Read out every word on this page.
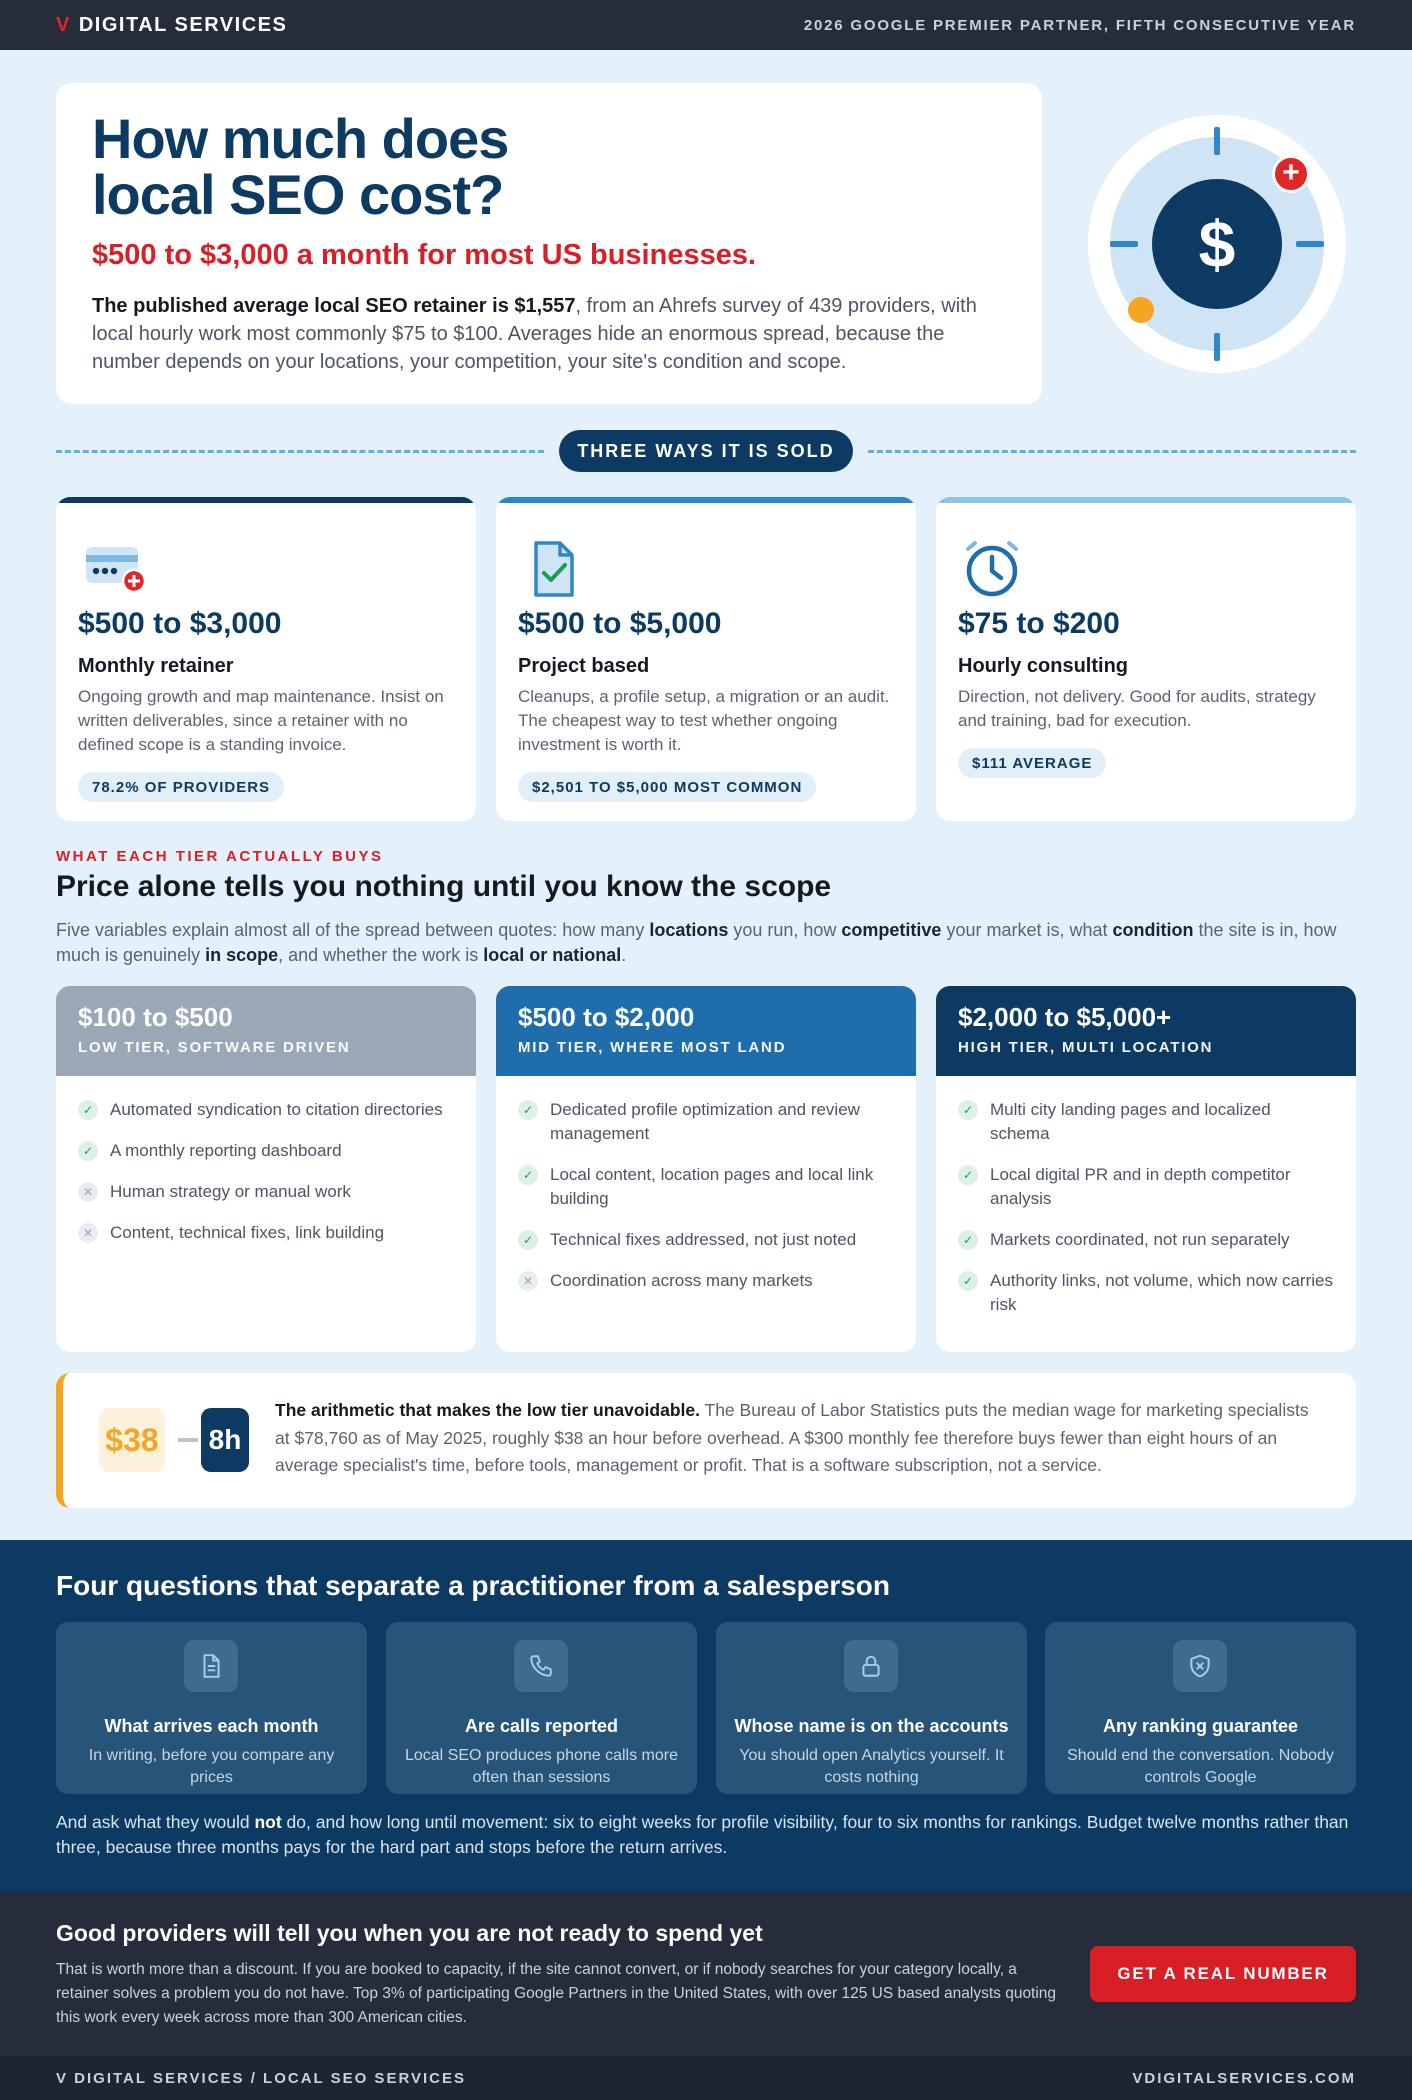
V DIGITAL SERVICES	2026 GOOGLE PREMIER PARTNER, FIFTH CONSECUTIVE YEAR
How much does
local SEO cost?
$500 to $3,000 a month for most US businesses.

The published average local SEO retainer is $1,557, from an Ahrefs survey of 439 providers, with local hourly work most commonly $75 to $100. Averages hide an enormous spread, because the number depends on your locations, your competition, your site's condition and scope.

$
+
THREE WAYS IT IS SOLD
$500 to $3,000
Monthly retainer
Ongoing growth and map maintenance. Insist on written deliverables, since a retainer with no defined scope is a standing invoice.
78.2% OF PROVIDERS
$500 to $5,000
Project based
Cleanups, a profile setup, a migration or an audit. The cheapest way to test whether ongoing investment is worth it.
$2,501 TO $5,000 MOST COMMON
$75 to $200
Hourly consulting
Direction, not delivery. Good for audits, strategy and training, bad for execution.
$111 AVERAGE
WHAT EACH TIER ACTUALLY BUYS
Price alone tells you nothing until you know the scope
Five variables explain almost all of the spread between quotes: how many locations you run, how competitive your market is, what condition the site is in, how much is genuinely in scope, and whether the work is local or national.
$100 to $500
LOW TIER, SOFTWARE DRIVEN
✓ Automated syndication to citation directories
✓ A monthly reporting dashboard
✕ Human strategy or manual work
✕ Content, technical fixes, link building
$500 to $2,000
MID TIER, WHERE MOST LAND
✓ Dedicated profile optimization and review management
✓ Local content, location pages and local link building
✓ Technical fixes addressed, not just noted
✕ Coordination across many markets
$2,000 to $5,000+
HIGH TIER, MULTI LOCATION
✓ Multi city landing pages and localized schema
✓ Local digital PR and in depth competitor analysis
✓ Markets coordinated, not run separately
✓ Authority links, not volume, which now carries risk
$38 8h

The arithmetic that makes the low tier unavoidable. The Bureau of Labor Statistics puts the median wage for marketing specialists at $78,760 as of May 2025, roughly $38 an hour before overhead. A $300 monthly fee therefore buys fewer than eight hours of an average specialist's time, before tools, management or profit. That is a software subscription, not a service.

Four questions that separate a practitioner from a salesperson
What arrives each month
In writing, before you compare any prices
Are calls reported
Local SEO produces phone calls more often than sessions
Whose name is on the accounts
You should open Analytics yourself. It costs nothing
Any ranking guarantee
Should end the conversation. Nobody controls Google
And ask what they would not do, and how long until movement: six to eight weeks for profile visibility, four to six months for rankings. Budget twelve months rather than three, because three months pays for the hard part and stops before the return arrives.
Good providers will tell you when you are not ready to spend yet

That is worth more than a discount. If you are booked to capacity, if the site cannot convert, or if nobody searches for your category locally, a retainer solves a problem you do not have. Top 3% of participating Google Partners in the United States, with over 125 US based analysts quoting this work every week across more than 300 American cities.

GET A REAL NUMBER
V DIGITAL SERVICES / LOCAL SEO SERVICES	VDIGITALSERVICES.COM
